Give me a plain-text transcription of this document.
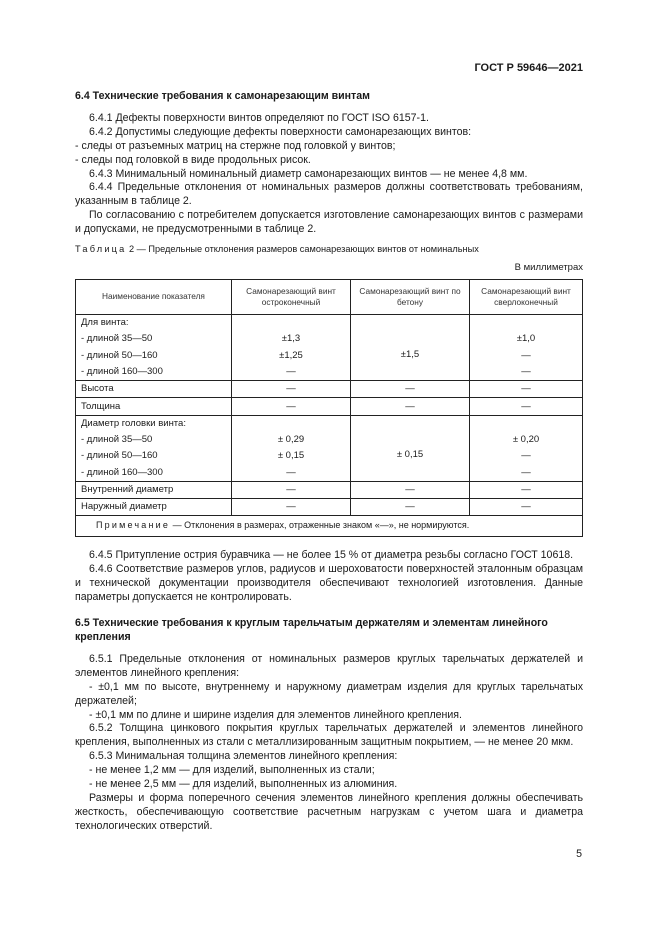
ГОСТ Р 59646—2021

6.4 Технические требования к самонарезающим винтам

6.4.1 Дефекты поверхности винтов определяют по ГОСТ ISO 6157-1.

6.4.2 Допустимы следующие дефекты поверхности самонарезающих винтов:

- следы от разъемных матриц на стержне под головкой у винтов;

- следы под головкой в виде продольных рисок.

6.4.3 Минимальный номинальный диаметр самонарезающих винтов — не менее 4,8 мм.

6.4.4 Предельные отклонения от номинальных размеров должны соответствовать требованиям, указанным в таблице 2.

По согласованию с потребителем допускается изготовление самонарезающих винтов с размерами и допусками, не предусмотренными в таблице 2.

Таблица 2 — Предельные отклонения размеров самонарезающих винтов от номинальных

В миллиметрах

Наименование показателя	Самонарезающий винт остроконечный	Самонарезающий винт по бетону	Самонарезающий винт сверлоконечный
Для винта:		±1,5	
- длиной 35—50	±1,3		±1,0
- длиной 50—160	±1,25		—
- длиной 160—300	—		—
Высота	—	—	—
Толщина	—	—	—
Диаметр головки винта:		± 0,15	
- длиной 35—50	± 0,29		± 0,20
- длиной 50—160	± 0,15		—
- длиной 160—300	—		—
Внутренний диаметр	—	—	—
Наружный диаметр	—	—	—
Примечание — Отклонения в размерах, отраженные знаком «—», не нормируются.			

6.4.5 Притупление острия буравчика — не более 15 % от диаметра резьбы согласно ГОСТ 10618.

6.4.6 Соответствие размеров углов, радиусов и шероховатости поверхностей эталонным образцам и технической документации производителя обеспечивают технологией изготовления. Данные параметры допускается не контролировать.

6.5 Технические требования к круглым тарельчатым держателям и элементам линейного крепления

6.5.1 Предельные отклонения от номинальных размеров круглых тарельчатых держателей и элементов линейного крепления:

- ±0,1 мм по высоте, внутреннему и наружному диаметрам изделия для круглых тарельчатых держателей;

- ±0,1 мм по длине и ширине изделия для элементов линейного крепления.

6.5.2 Толщина цинкового покрытия круглых тарельчатых держателей и элементов линейного крепления, выполненных из стали с металлизированным защитным покрытием, — не менее 20 мкм.

6.5.3 Минимальная толщина элементов линейного крепления:

- не менее 1,2 мм — для изделий, выполненных из стали;

- не менее 2,5 мм — для изделий, выполненных из алюминия.

Размеры и форма поперечного сечения элементов линейного крепления должны обеспечивать жесткость, обеспечивающую соответствие расчетным нагрузкам с учетом шага и диаметра технологических отверстий.

5
